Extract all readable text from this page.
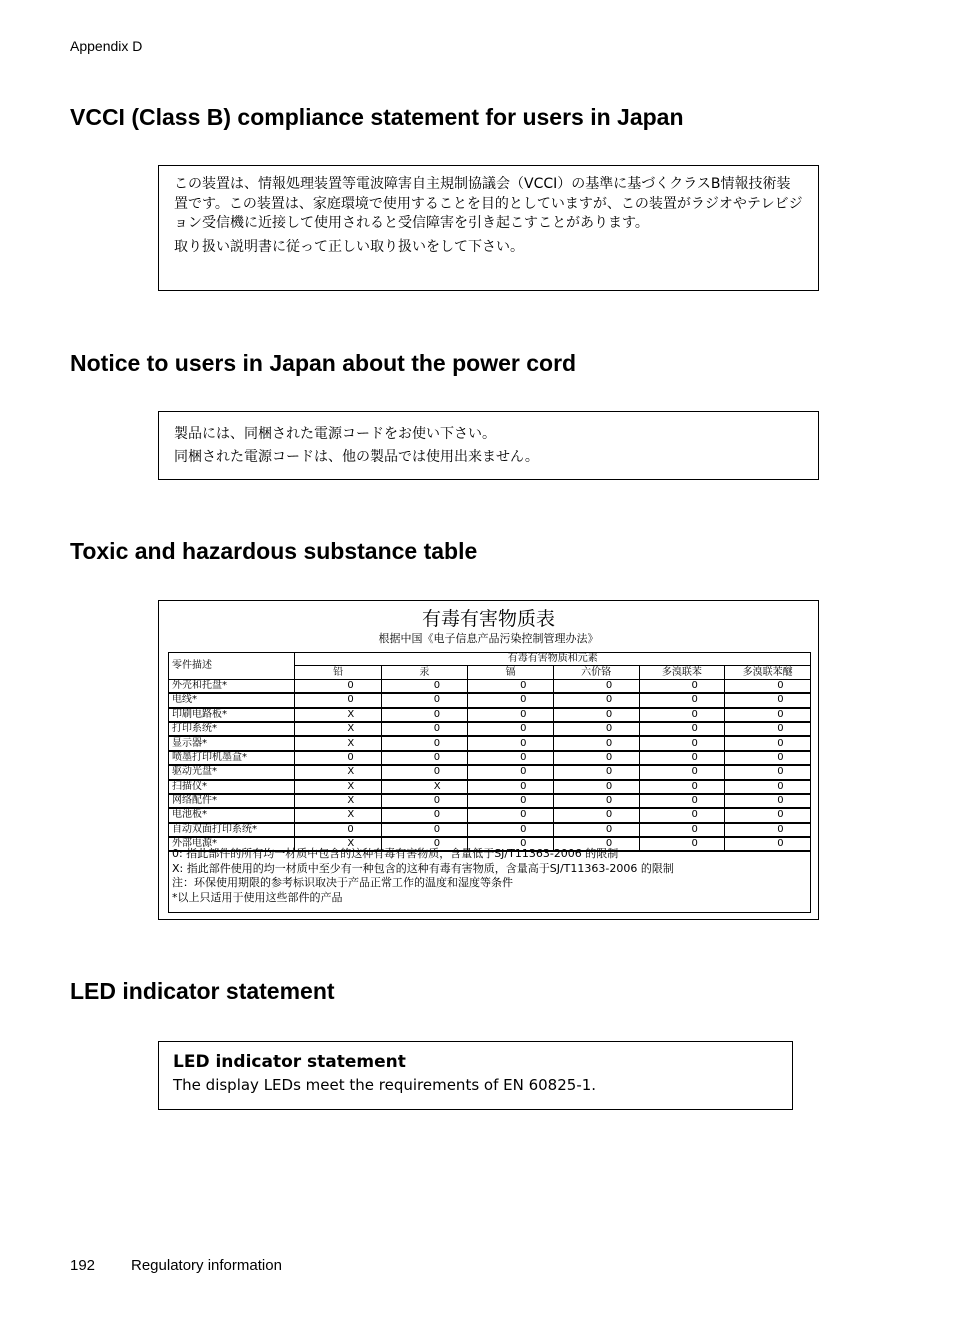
Appendix D
VCCI (Class B) compliance statement for users in Japan

この装置は、情報処理装置等電波障害自主規制協議会（VCCI）の基準に基づくクラスB情報技術装置です。この装置は、家庭環境で使用することを目的としていますが、この装置がラジオやテレビジョン受信機に近接して使用されると受信障害を引き起こすことがあります。

取り扱い説明書に従って正しい取り扱いをして下さい。

Notice to users in Japan about the power cord

製品には、同梱された電源コードをお使い下さい。

同梱された電源コードは、他の製品では使用出来ません。

Toxic and hazardous substance table
有毒有害物质表
根据中国《电子信息产品污染控制管理办法》
零件描述	有毒有害物质和元素					
	铅	汞	镉	六价铬	多溴联苯	多溴联苯醚
外壳和托盘*	0	0	0	0	0	0
电线*	0	0	0	0	0	0
印刷电路板*	X	0	0	0	0	0
打印系统*	X	0	0	0	0	0
显示器*	X	0	0	0	0	0
喷墨打印机墨盒*	0	0	0	0	0	0
驱动光盘*	X	0	0	0	0	0
扫描仪*	X	X	0	0	0	0
网络配件*	X	0	0	0	0	0
电池板*	X	0	0	0	0	0
自动双面打印系统*	0	0	0	0	0	0
外部电源*	X	0	0	0	0	0
0: 指此部件的所有均一材质中包含的这种有毒有害物质，含量低于SJ/T11363-2006 的限制
X: 指此部件使用的均一材质中至少有一种包含的这种有毒有害物质，含量高于SJ/T11363-2006 的限制
注：环保使用期限的参考标识取决于产品正常工作的温度和湿度等条件
*以上只适用于使用这些部件的产品
LED indicator statement
LED indicator statement
The display LEDs meet the requirements of EN 60825-1.
192 Regulatory information
